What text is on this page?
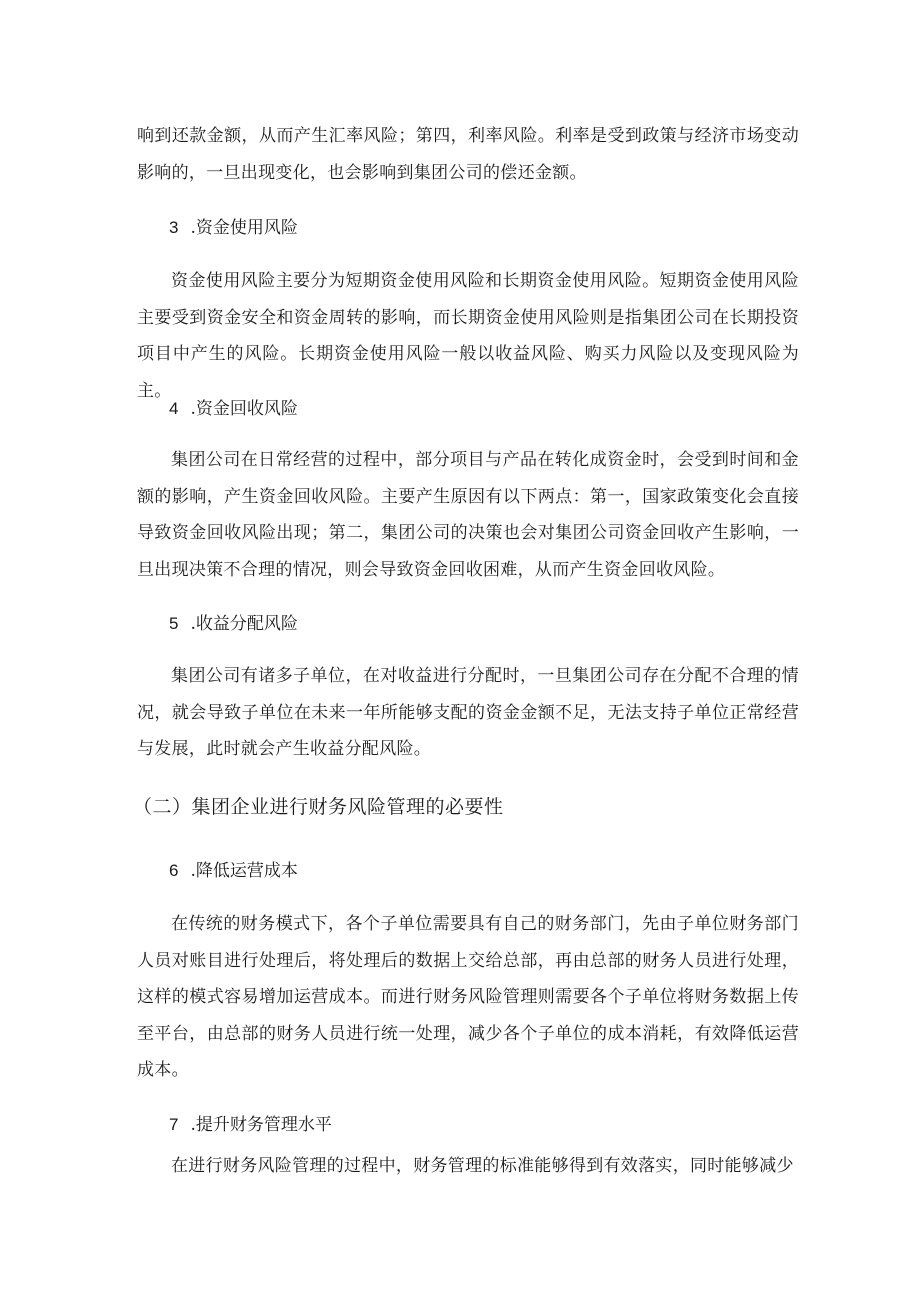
响到还款金额，从而产生汇率风险；第四，利率风险。利率是受到政策与经济市场变动影响的，一旦出现变化，也会影响到集团公司的偿还金额。

3 .资金使用风险

资金使用风险主要分为短期资金使用风险和长期资金使用风险。短期资金使用风险主要受到资金安全和资金周转的影响，而长期资金使用风险则是指集团公司在长期投资项目中产生的风险。长期资金使用风险一般以收益风险、购买力风险以及变现风险为主。

4 .资金回收风险

集团公司在日常经营的过程中，部分项目与产品在转化成资金时，会受到时间和金额的影响，产生资金回收风险。主要产生原因有以下两点：第一，国家政策变化会直接导致资金回收风险出现；第二，集团公司的决策也会对集团公司资金回收产生影响，一旦出现决策不合理的情况，则会导致资金回收困难，从而产生资金回收风险。

5 .收益分配风险

集团公司有诸多子单位，在对收益进行分配时，一旦集团公司存在分配不合理的情况，就会导致子单位在未来一年所能够支配的资金金额不足，无法支持子单位正常经营与发展，此时就会产生收益分配风险。

（二）集团企业进行财务风险管理的必要性
6 .降低运营成本

在传统的财务模式下，各个子单位需要具有自己的财务部门，先由子单位财务部门人员对账目进行处理后，将处理后的数据上交给总部，再由总部的财务人员进行处理，这样的模式容易增加运营成本。而进行财务风险管理则需要各个子单位将财务数据上传至平台，由总部的财务人员进行统一处理，减少各个子单位的成本消耗，有效降低运营成本。

7 .提升财务管理水平

在进行财务风险管理的过程中，财务管理的标准能够得到有效落实，同时能够减少
